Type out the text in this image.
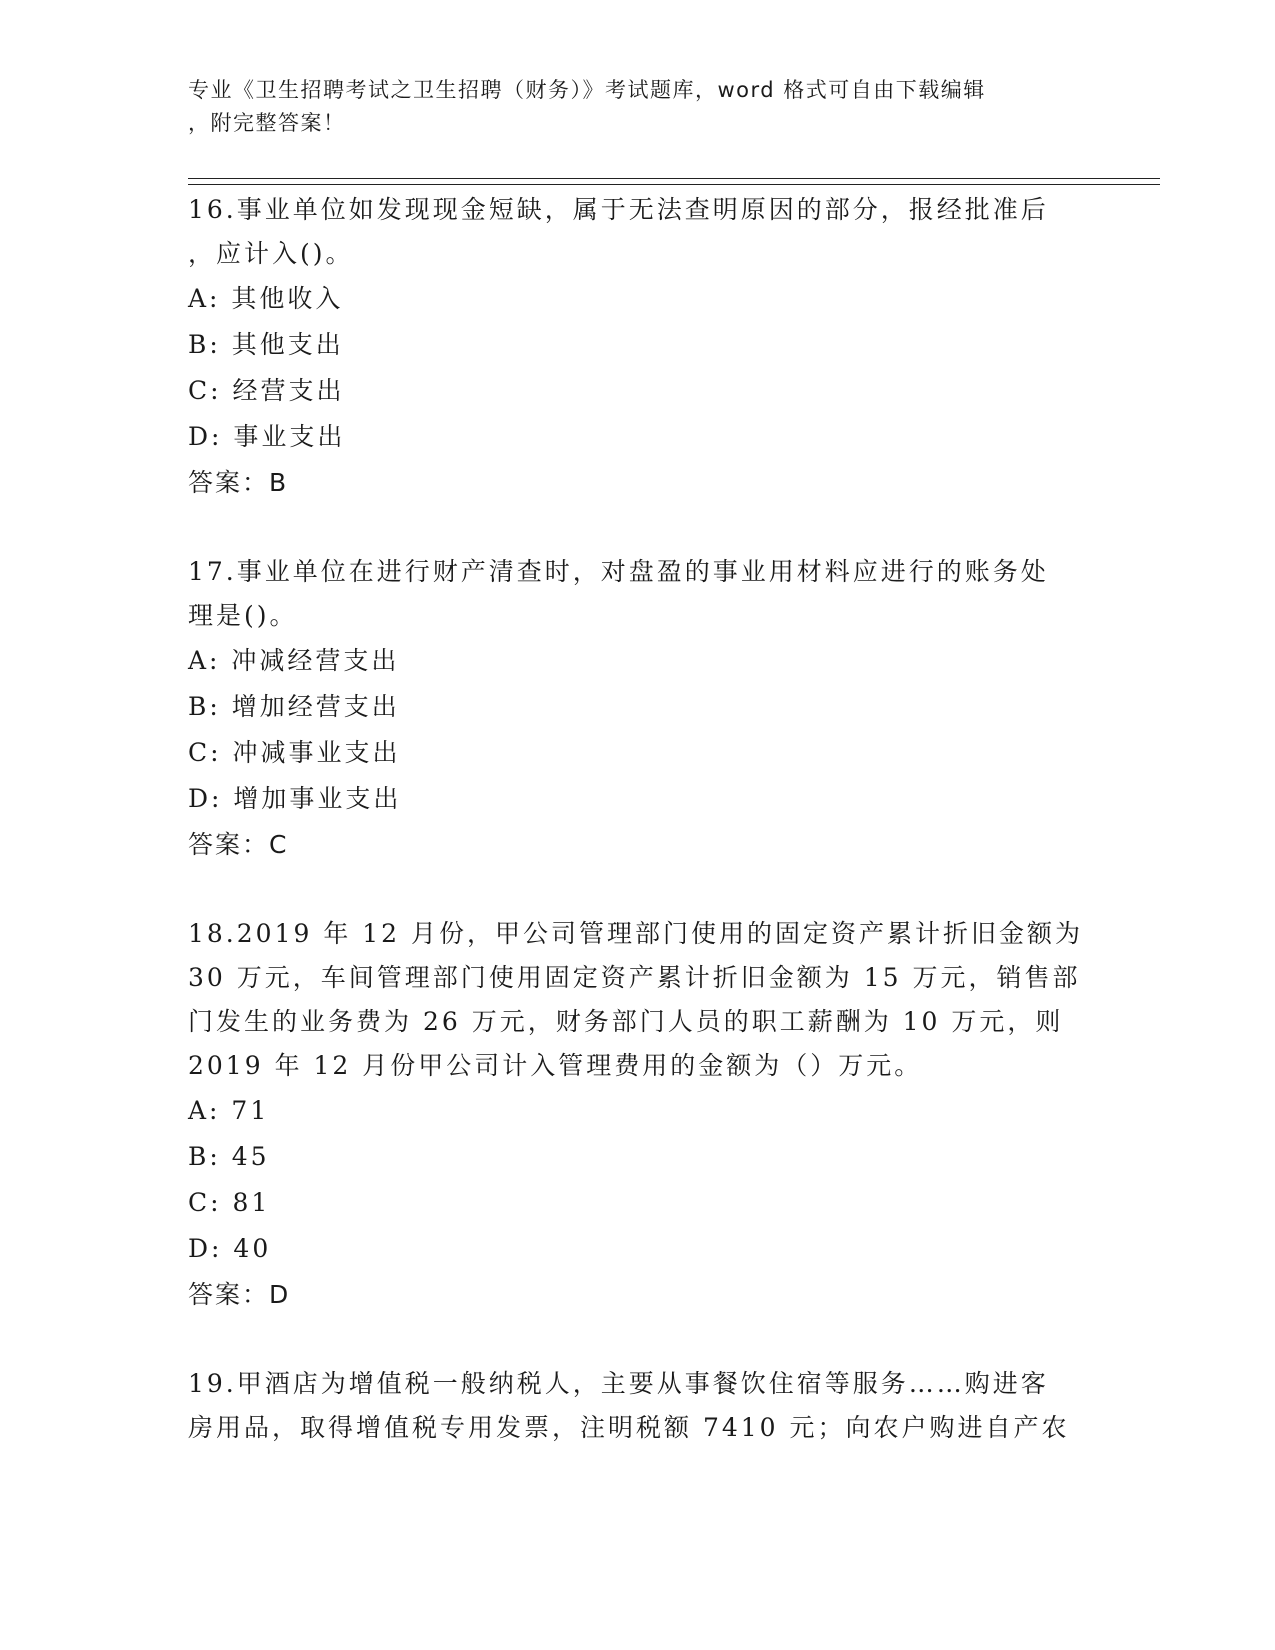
专业《卫生招聘考试之卫生招聘（财务）》考试题库，word 格式可自由下载编辑
，附完整答案！

16.事业单位如发现现金短缺，属于无法查明原因的部分，报经批准后

，应计入()。

A: 其他收入

B: 其他支出

C: 经营支出

D: 事业支出

答案：B

17.事业单位在进行财产清查时，对盘盈的事业用材料应进行的账务处

理是()。

A: 冲减经营支出

B: 增加经营支出

C: 冲减事业支出

D: 增加事业支出

答案：C

18.2019 年 12 月份，甲公司管理部门使用的固定资产累计折旧金额为

30 万元，车间管理部门使用固定资产累计折旧金额为 15 万元，销售部

门发生的业务费为 26 万元，财务部门人员的职工薪酬为 10 万元，则

2019 年 12 月份甲公司计入管理费用的金额为（）万元。

A: 71

B: 45

C: 81

D: 40

答案：D

19.甲酒店为增值税一般纳税人，主要从事餐饮住宿等服务……购进客

房用品，取得增值税专用发票，注明税额 7410 元；向农户购进自产农
